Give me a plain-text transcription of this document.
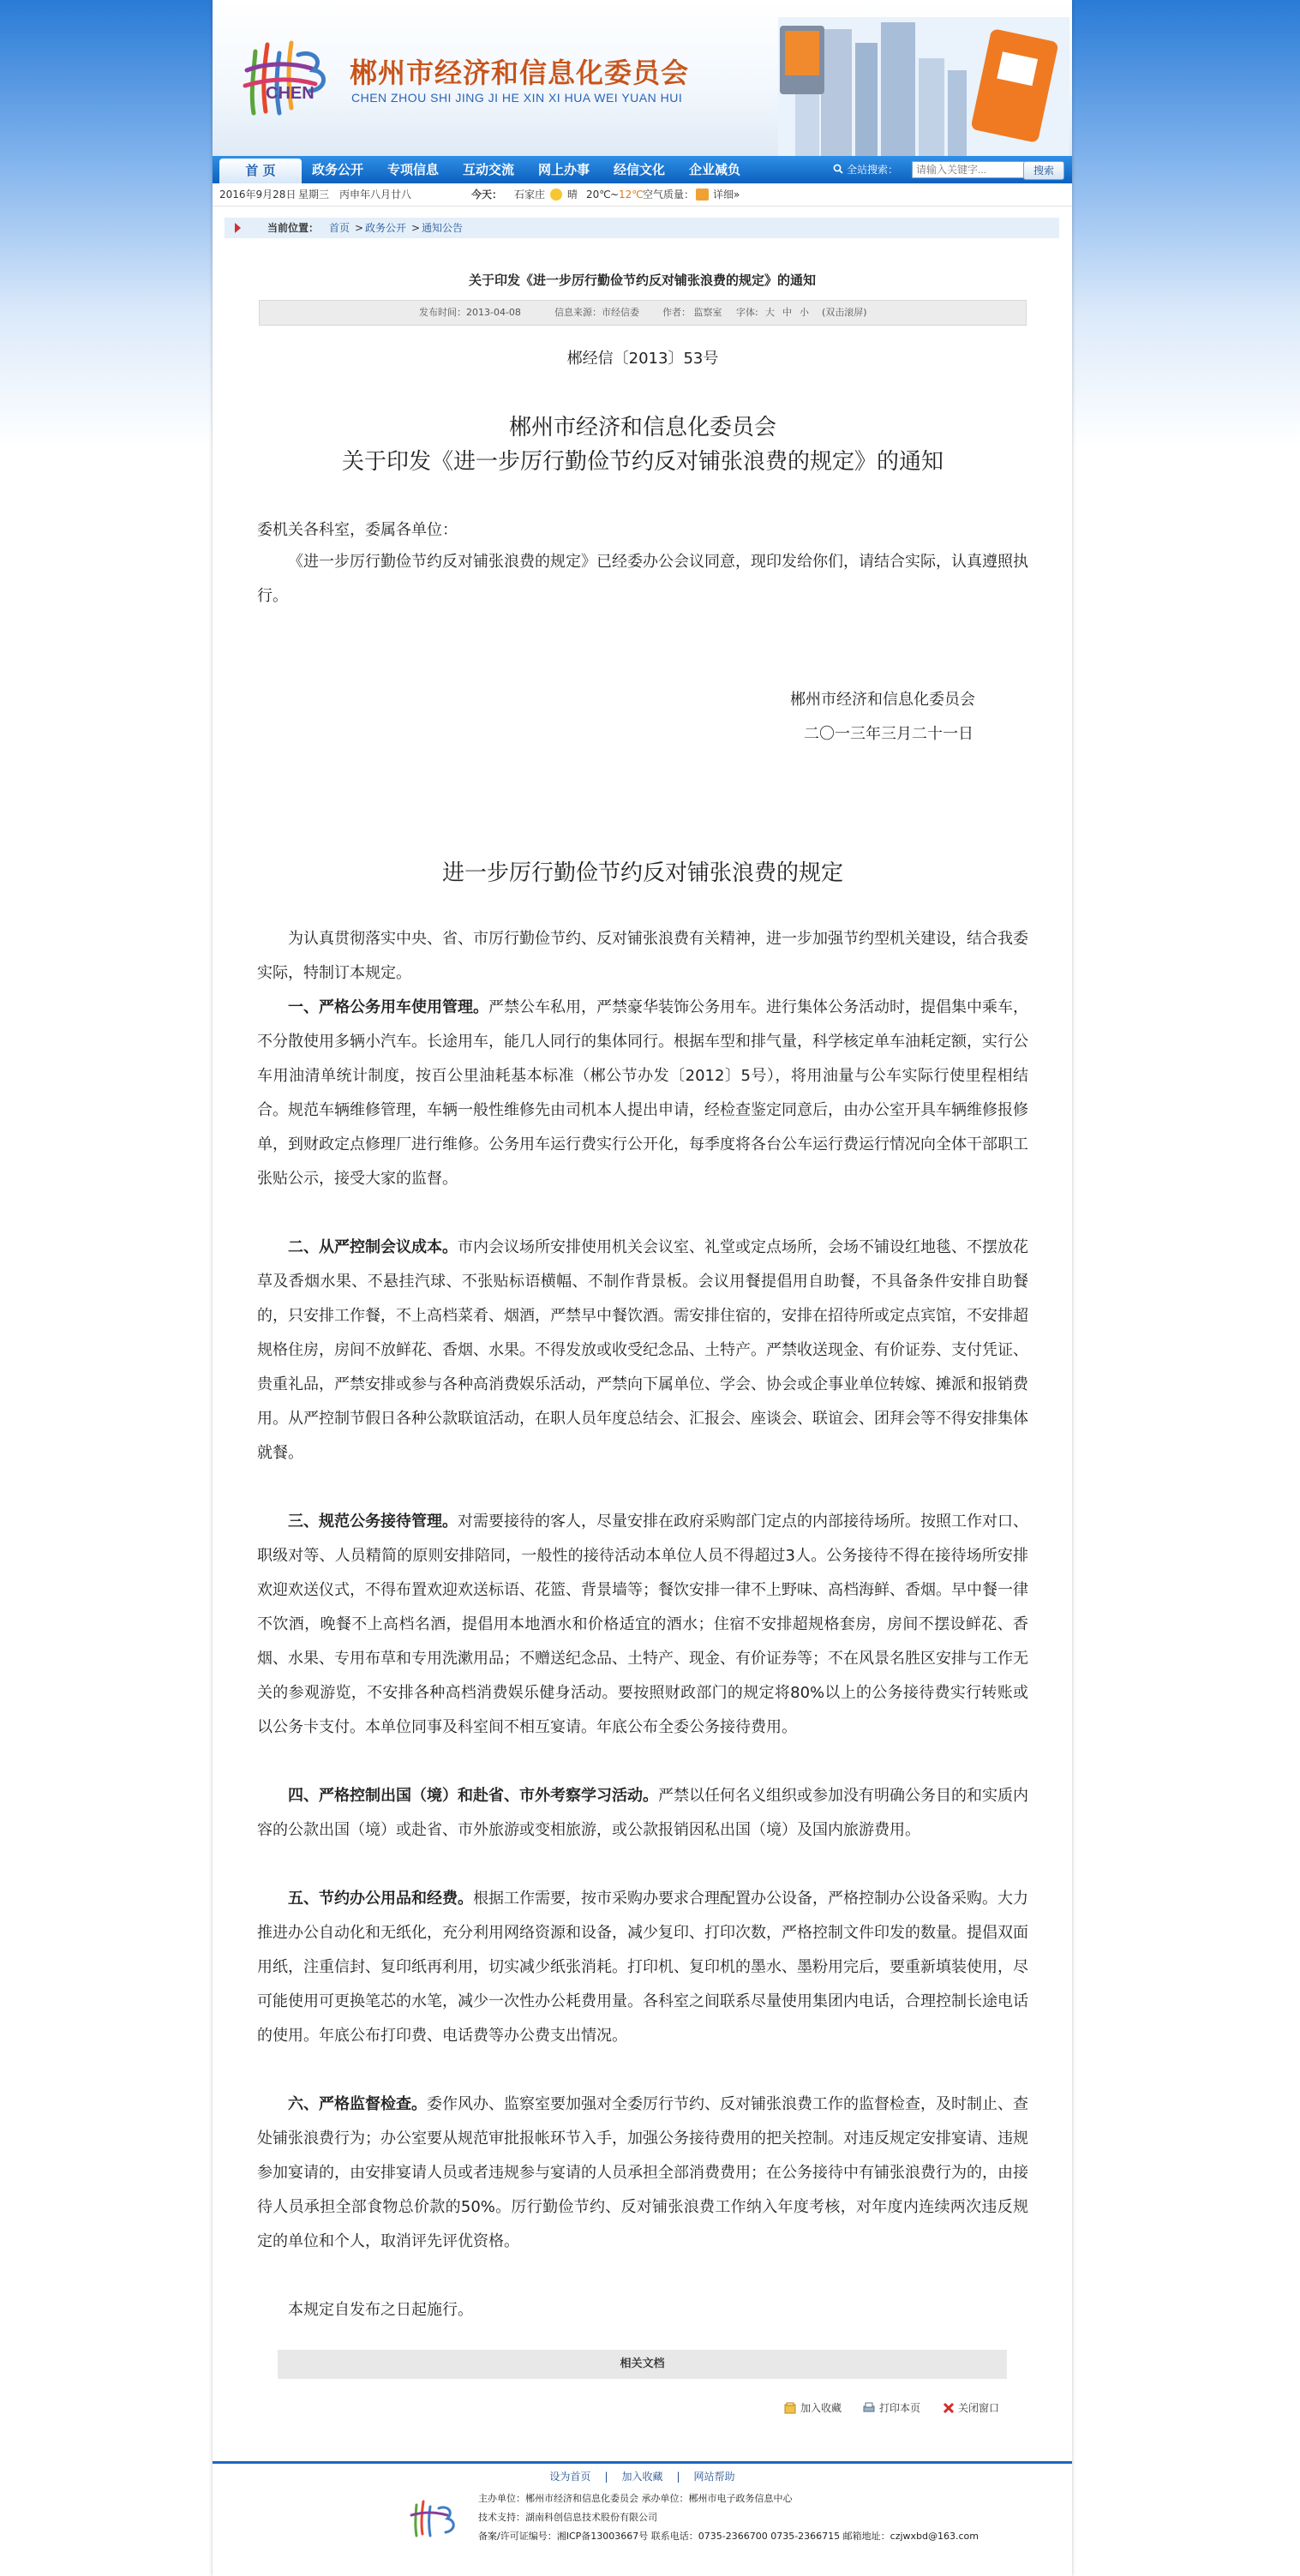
CHEN
郴州市经济和信息化委员会
CHEN ZHOU SHI JING JI HE XIN XI HUA WEI YUAN HUI
首 页	政务公开 专项信息 互动交流 网上办事 经信文化 企业减负	全站搜索：
请输入关键字...	搜索
2016年9月28日 星期三 丙申年八月廿八	今天： 石家庄 晴 20℃ ~ 12℃ 空气质量： 详细»
当前位置： 首页 > 政务公开 > 通知公告
关于印发《进一步厉行勤俭节约反对铺张浪费的规定》的通知
发布时间：2013-04-08	信息来源：市经信委 作者： 监察室 字体: 大 中 小 (双击滚屏)
郴经信〔2013〕53号
郴州市经济和信息化委员会
关于印发《进一步厉行勤俭节约反对铺张浪费的规定》的通知
委机关各科室，委属各单位：
《进一步厉行勤俭节约反对铺张浪费的规定》已经委办公会议同意，现印发给你们，请结合实际，认真遵照执行。
郴州市经济和信息化委员会
二〇一三年三月二十一日
进一步厉行勤俭节约反对铺张浪费的规定
为认真贯彻落实中央、省、市厉行勤俭节约、反对铺张浪费有关精神，进一步加强节约型机关建设，结合我委实际，特制订本规定。
一、严格公务用车使用管理。严禁公车私用，严禁豪华装饰公务用车。进行集体公务活动时，提倡集中乘车，不分散使用多辆小汽车。长途用车，能几人同行的集体同行。根据车型和排气量，科学核定单车油耗定额，实行公车用油清单统计制度，按百公里油耗基本标准（郴公节办发〔2012〕5号），将用油量与公车实际行使里程相结合。规范车辆维修管理，车辆一般性维修先由司机本人提出申请，经检查鉴定同意后，由办公室开具车辆维修报修单，到财政定点修理厂进行维修。公务用车运行费实行公开化，每季度将各台公车运行费运行情况向全体干部职工张贴公示，接受大家的监督。
二、从严控制会议成本。市内会议场所安排使用机关会议室、礼堂或定点场所，会场不铺设红地毯、不摆放花草及香烟水果、不悬挂汽球、不张贴标语横幅、不制作背景板。会议用餐提倡用自助餐，不具备条件安排自助餐的，只安排工作餐，不上高档菜肴、烟酒，严禁早中餐饮酒。需安排住宿的，安排在招待所或定点宾馆，不安排超规格住房，房间不放鲜花、香烟、水果。不得发放或收受纪念品、土特产。严禁收送现金、有价证券、支付凭证、贵重礼品，严禁安排或参与各种高消费娱乐活动，严禁向下属单位、学会、协会或企事业单位转嫁、摊派和报销费用。从严控制节假日各种公款联谊活动，在职人员年度总结会、汇报会、座谈会、联谊会、团拜会等不得安排集体就餐。
三、规范公务接待管理。对需要接待的客人，尽量安排在政府采购部门定点的内部接待场所。按照工作对口、职级对等、人员精简的原则安排陪同，一般性的接待活动本单位人员不得超过3人。公务接待不得在接待场所安排欢迎欢送仪式，不得布置欢迎欢送标语、花篮、背景墙等；餐饮安排一律不上野味、高档海鲜、香烟。早中餐一律不饮酒，晚餐不上高档名酒，提倡用本地酒水和价格适宜的酒水；住宿不安排超规格套房，房间不摆设鲜花、香烟、水果、专用布草和专用洗漱用品；不赠送纪念品、土特产、现金、有价证券等；不在风景名胜区安排与工作无关的参观游览，不安排各种高档消费娱乐健身活动。要按照财政部门的规定将80%以上的公务接待费实行转账或以公务卡支付。本单位同事及科室间不相互宴请。年底公布全委公务接待费用。
四、严格控制出国（境）和赴省、市外考察学习活动。严禁以任何名义组织或参加没有明确公务目的和实质内容的公款出国（境）或赴省、市外旅游或变相旅游，或公款报销因私出国（境）及国内旅游费用。
五、节约办公用品和经费。根据工作需要，按市采购办要求合理配置办公设备，严格控制办公设备采购。大力推进办公自动化和无纸化，充分利用网络资源和设备，减少复印、打印次数，严格控制文件印发的数量。提倡双面用纸，注重信封、复印纸再利用，切实减少纸张消耗。打印机、复印机的墨水、墨粉用完后，要重新填装使用，尽可能使用可更换笔芯的水笔，减少一次性办公耗费用量。各科室之间联系尽量使用集团内电话，合理控制长途电话的使用。年底公布打印费、电话费等办公费支出情况。
六、严格监督检查。委作风办、监察室要加强对全委厉行节约、反对铺张浪费工作的监督检查，及时制止、查处铺张浪费行为；办公室要从规范审批报帐环节入手，加强公务接待费用的把关控制。对违反规定安排宴请、违规参加宴请的，由安排宴请人员或者违规参与宴请的人员承担全部消费费用；在公务接待中有铺张浪费行为的，由接待人员承担全部食物总价款的50%。厉行勤俭节约、反对铺张浪费工作纳入年度考核，对年度内连续两次违反规定的单位和个人，取消评先评优资格。
本规定自发布之日起施行。
相关文档
加入收藏	打印本页	关闭窗口
设为首页 | 加入收藏 | 网站帮助
主办单位：郴州市经济和信息化委员会 承办单位：郴州市电子政务信息中心
技术支持：湖南科创信息技术股份有限公司
备案/许可证编号：湘ICP备13003667号 联系电话：0735-2366700 0735-2366715 邮箱地址：czjwxbd@163.com
